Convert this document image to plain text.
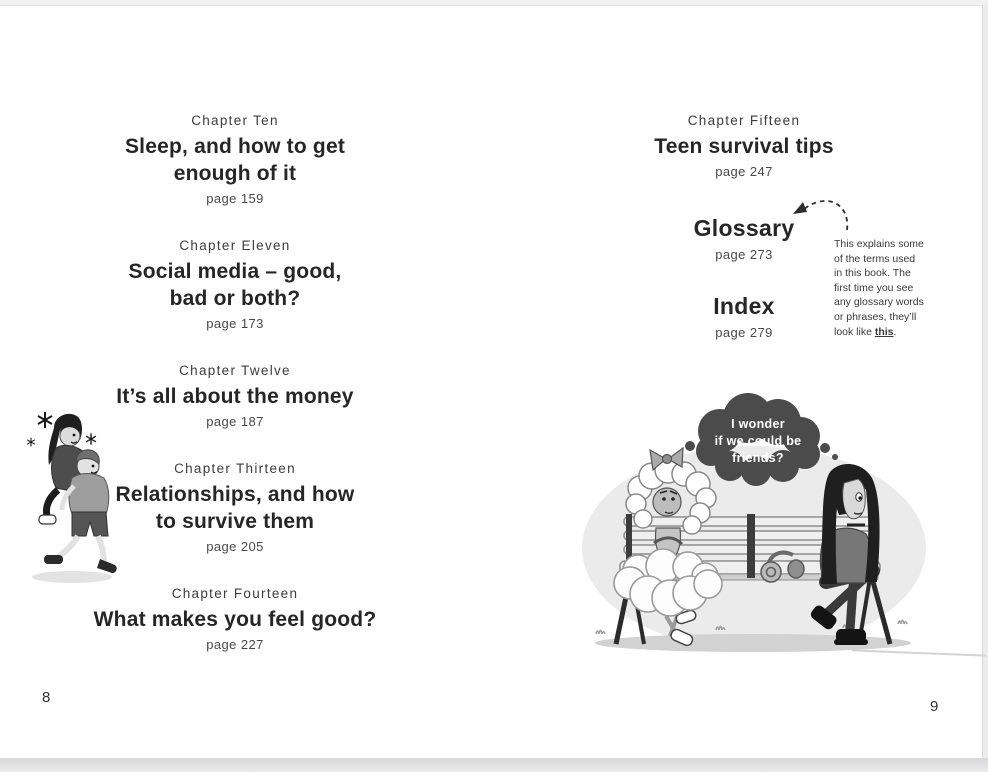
Chapter Ten
Sleep, and how to get
enough of it
page 159
Chapter Eleven
Social media – good,
bad or both?
page 173
Chapter Twelve
It’s all about the money
page 187
Chapter Thirteen
Relationships, and how
to survive them
page 205
Chapter Fourteen
What makes you feel good?
page 227
Chapter Fifteen
Teen survival tips
page 247
Glossary
page 273
Index
page 279
This explains some
of the terms used
in this book. The
first time you see
any glossary words
or phrases, they’ll
look like this.
I wonder
if we could be
friends?
8
9
